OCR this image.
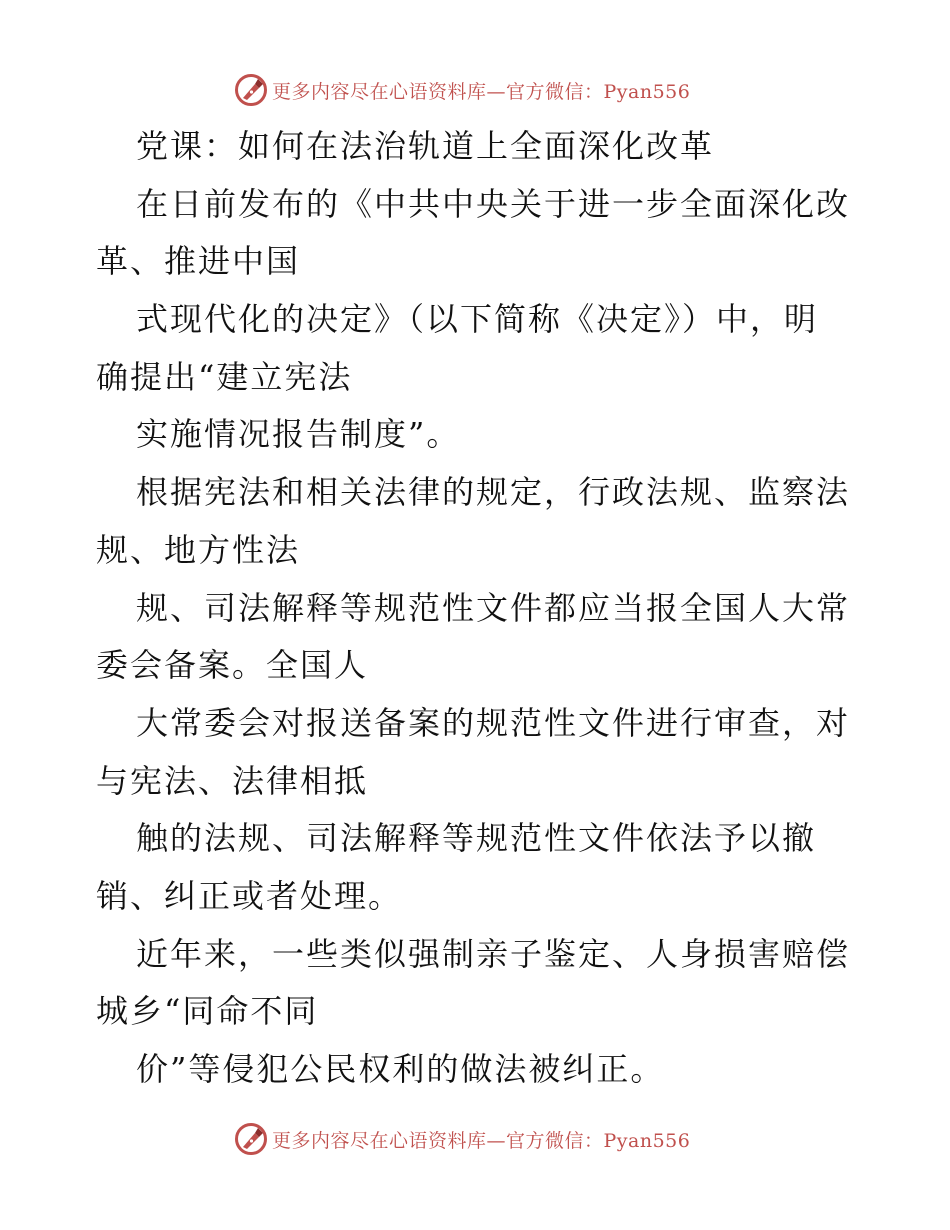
更多内容尽在心语资料库—官方微信：Pyan556
党课：如何在法治轨道上全面深化改革
在日前发布的《中共中央关于进一步全面深化改
革、推进中国
式现代化的决定》（以下简称《决定》）中，明
确提出“建立宪法
实施情况报告制度”。
根据宪法和相关法律的规定，行政法规、监察法
规、地方性法
规、司法解释等规范性文件都应当报全国人大常
委会备案。全国人
大常委会对报送备案的规范性文件进行审查，对
与宪法、法律相抵
触的法规、司法解释等规范性文件依法予以撤
销、纠正或者处理。
近年来，一些类似强制亲子鉴定、人身损害赔偿
城乡“同命不同
价”等侵犯公民权利的做法被纠正。
更多内容尽在心语资料库—官方微信：Pyan556
